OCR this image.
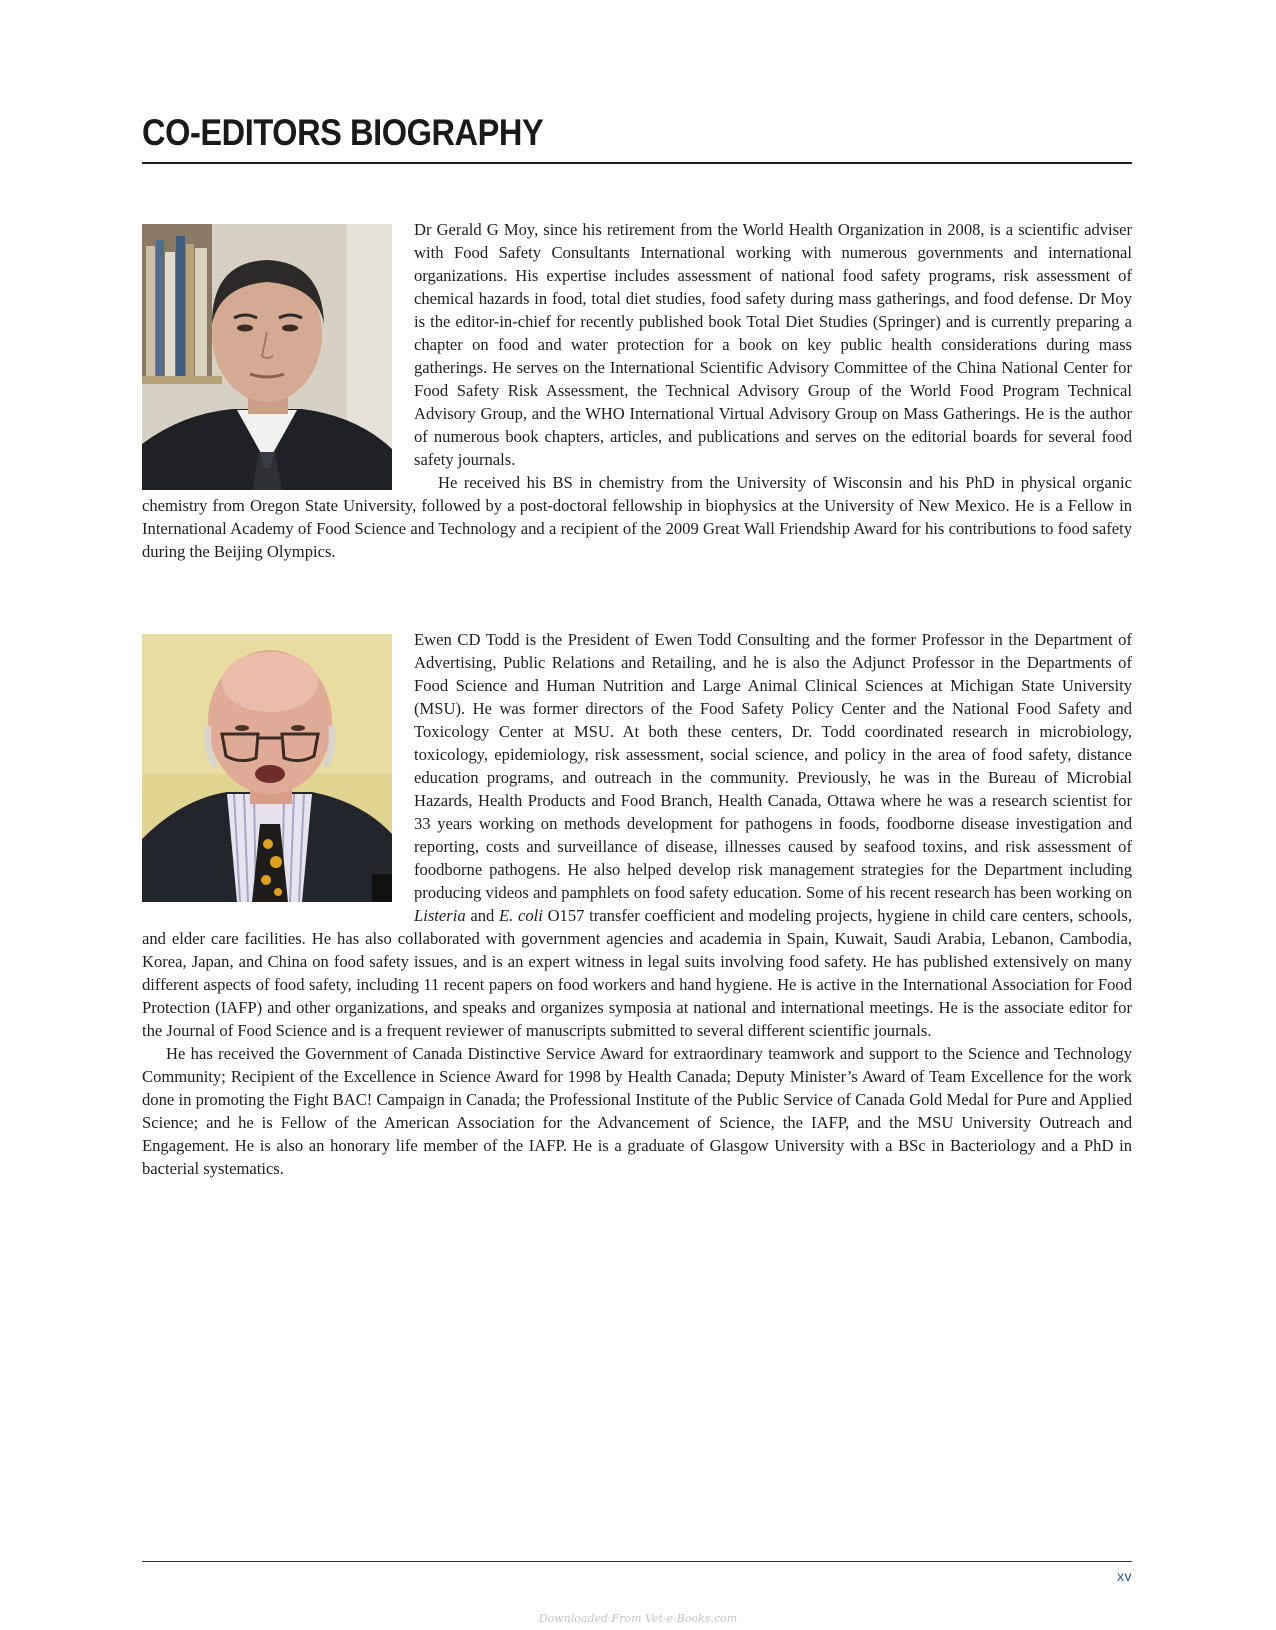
CO-EDITORS BIOGRAPHY

Dr Gerald G Moy, since his retirement from the World Health Organization in 2008, is a scientific adviser with Food Safety Consultants International working with numerous governments and international organizations. His expertise includes assessment of national food safety programs, risk assessment of chemical hazards in food, total diet studies, food safety during mass gatherings, and food defense. Dr Moy is the editor-in-chief for recently published book Total Diet Studies (Springer) and is currently preparing a chapter on food and water protection for a book on key public health considerations during mass gatherings. He serves on the International Scientific Advisory Committee of the China National Center for Food Safety Risk Assessment, the Technical Advisory Group of the World Food Program Technical Advisory Group, and the WHO International Virtual Advisory Group on Mass Gatherings. He is the author of numerous book chapters, articles, and publications and serves on the editorial boards for several food safety journals.

He received his BS in chemistry from the University of Wisconsin and his PhD in physical organic chemistry from Oregon State University, followed by a post-doctoral fellowship in biophysics at the University of New Mexico. He is a Fellow in International Academy of Food Science and Technology and a recipient of the 2009 Great Wall Friendship Award for his contributions to food safety during the Beijing Olympics.

Ewen CD Todd is the President of Ewen Todd Consulting and the former Professor in the Department of Advertising, Public Relations and Retailing, and he is also the Adjunct Professor in the Departments of Food Science and Human Nutrition and Large Animal Clinical Sciences at Michigan State University (MSU). He was former directors of the Food Safety Policy Center and the National Food Safety and Toxicology Center at MSU. At both these centers, Dr. Todd coordinated research in microbiology, toxicology, epidemiology, risk assessment, social science, and policy in the area of food safety, distance education programs, and outreach in the community. Previously, he was in the Bureau of Microbial Hazards, Health Products and Food Branch, Health Canada, Ottawa where he was a research scientist for 33 years working on methods development for pathogens in foods, foodborne disease investigation and reporting, costs and surveillance of disease, illnesses caused by seafood toxins, and risk assessment of foodborne pathogens. He also helped develop risk management strategies for the Department including producing videos and pamphlets on food safety education. Some of his recent research has been working on Listeria and E. coli O157 transfer coefficient and modeling projects, hygiene in child care centers, schools, and elder care facilities. He has also collaborated with government agencies and academia in Spain, Kuwait, Saudi Arabia, Lebanon, Cambodia, Korea, Japan, and China on food safety issues, and is an expert witness in legal suits involving food safety. He has published extensively on many different aspects of food safety, including 11 recent papers on food workers and hand hygiene. He is active in the International Association for Food Protection (IAFP) and other organizations, and speaks and organizes symposia at national and international meetings. He is the associate editor for the Journal of Food Science and is a frequent reviewer of manuscripts submitted to several different scientific journals.

He has received the Government of Canada Distinctive Service Award for extraordinary teamwork and support to the Science and Technology Community; Recipient of the Excellence in Science Award for 1998 by Health Canada; Deputy Minister’s Award of Team Excellence for the work done in promoting the Fight BAC! Campaign in Canada; the Professional Institute of the Public Service of Canada Gold Medal for Pure and Applied Science; and he is Fellow of the American Association for the Advancement of Science, the IAFP, and the MSU University Outreach and Engagement. He is also an honorary life member of the IAFP. He is a graduate of Glasgow University with a BSc in Bacteriology and a PhD in bacterial systematics.

xv
Downloaded From Vet-e-Books.com
